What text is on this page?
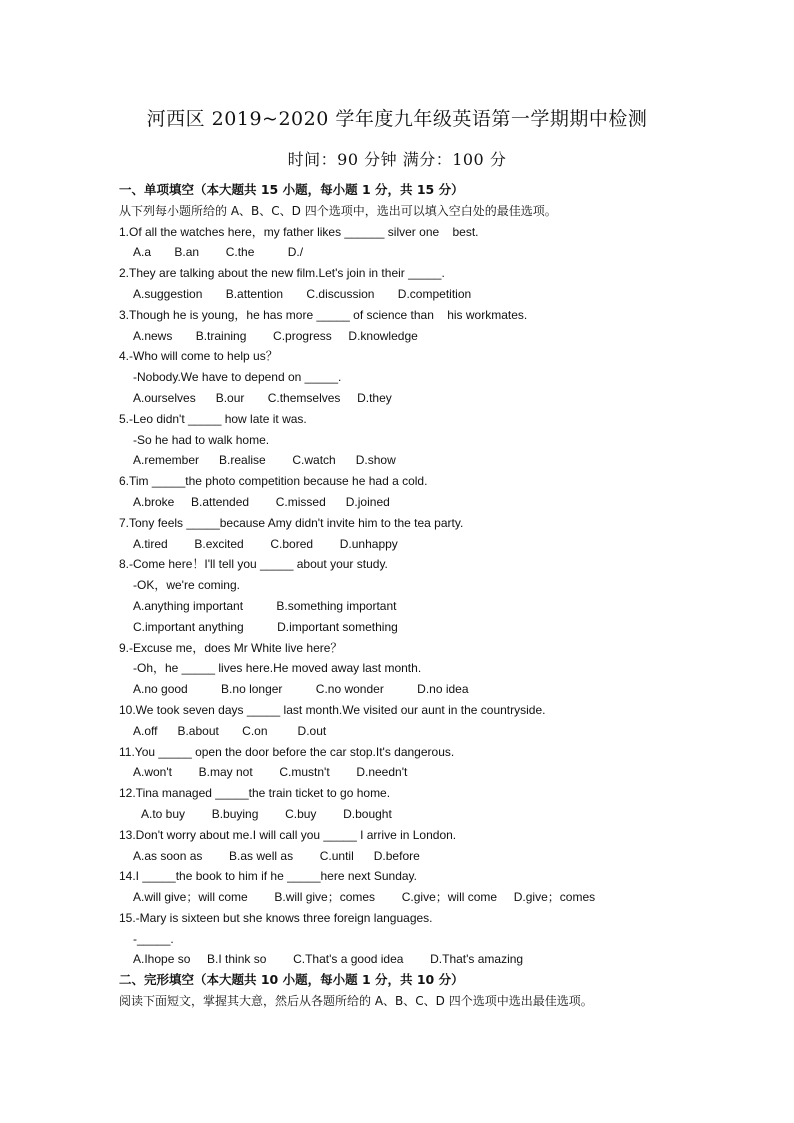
河西区 2019~2020 学年度九年级英语第一学期期中检测
时间：90 分钟 满分：100 分
一、单项填空（本大题共 15 小题，每小题 1 分，共 15 分）
从下列每小题所给的 A、B、C、D 四个选项中，选出可以填入空白处的最佳选项。
1.Of all the watches here，my father likes ______ silver one    best.
A.a       B.an        C.the          D./
2.They are talking about the new film.Let's join in their _____.
A.suggestion       B.attention       C.discussion       D.competition
3.Though he is young，he has more _____ of science than    his workmates.
A.news       B.training        C.progress     D.knowledge
4.-Who will come to help us？
-Nobody.We have to depend on _____.
A.ourselves      B.our       C.themselves     D.they
5.-Leo didn't _____ how late it was.
-So he had to walk home.
A.remember      B.realise        C.watch      D.show
6.Tim _____the photo competition because he had a cold.
A.broke     B.attended        C.missed      D.joined
7.Tony feels _____because Amy didn't invite him to the tea party.
A.tired        B.excited        C.bored        D.unhappy
8.-Come here！I'll tell you _____ about your study.
-OK，we're coming.
A.anything important          B.something important
C.important anything          D.important something
9.-Excuse me，does Mr White live here？
-Oh，he _____ lives here.He moved away last month.
A.no good          B.no longer          C.no wonder          D.no idea
10.We took seven days _____ last month.We visited our aunt in the countryside.
A.off      B.about       C.on         D.out
11.You _____ open the door before the car stop.It's dangerous.
A.won't        B.may not        C.mustn't        D.needn't
12.Tina managed _____the train ticket to go home.
A.to buy        B.buying        C.buy        D.bought
13.Don't worry about me.I will call you _____ I arrive in London.
A.as soon as        B.as well as        C.until      D.before
14.I _____the book to him if he _____here next Sunday.
A.will give；will come        B.will give；comes        C.give；will come     D.give；comes
15.-Mary is sixteen but she knows three foreign languages.
-_____.
A.Ihope so     B.I think so        C.That's a good idea        D.That's amazing
二、完形填空（本大题共 10 小题，每小题 1 分，共 10 分）
阅读下面短文，掌握其大意，然后从各题所给的 A、B、C、D 四个选项中选出最佳选项。
